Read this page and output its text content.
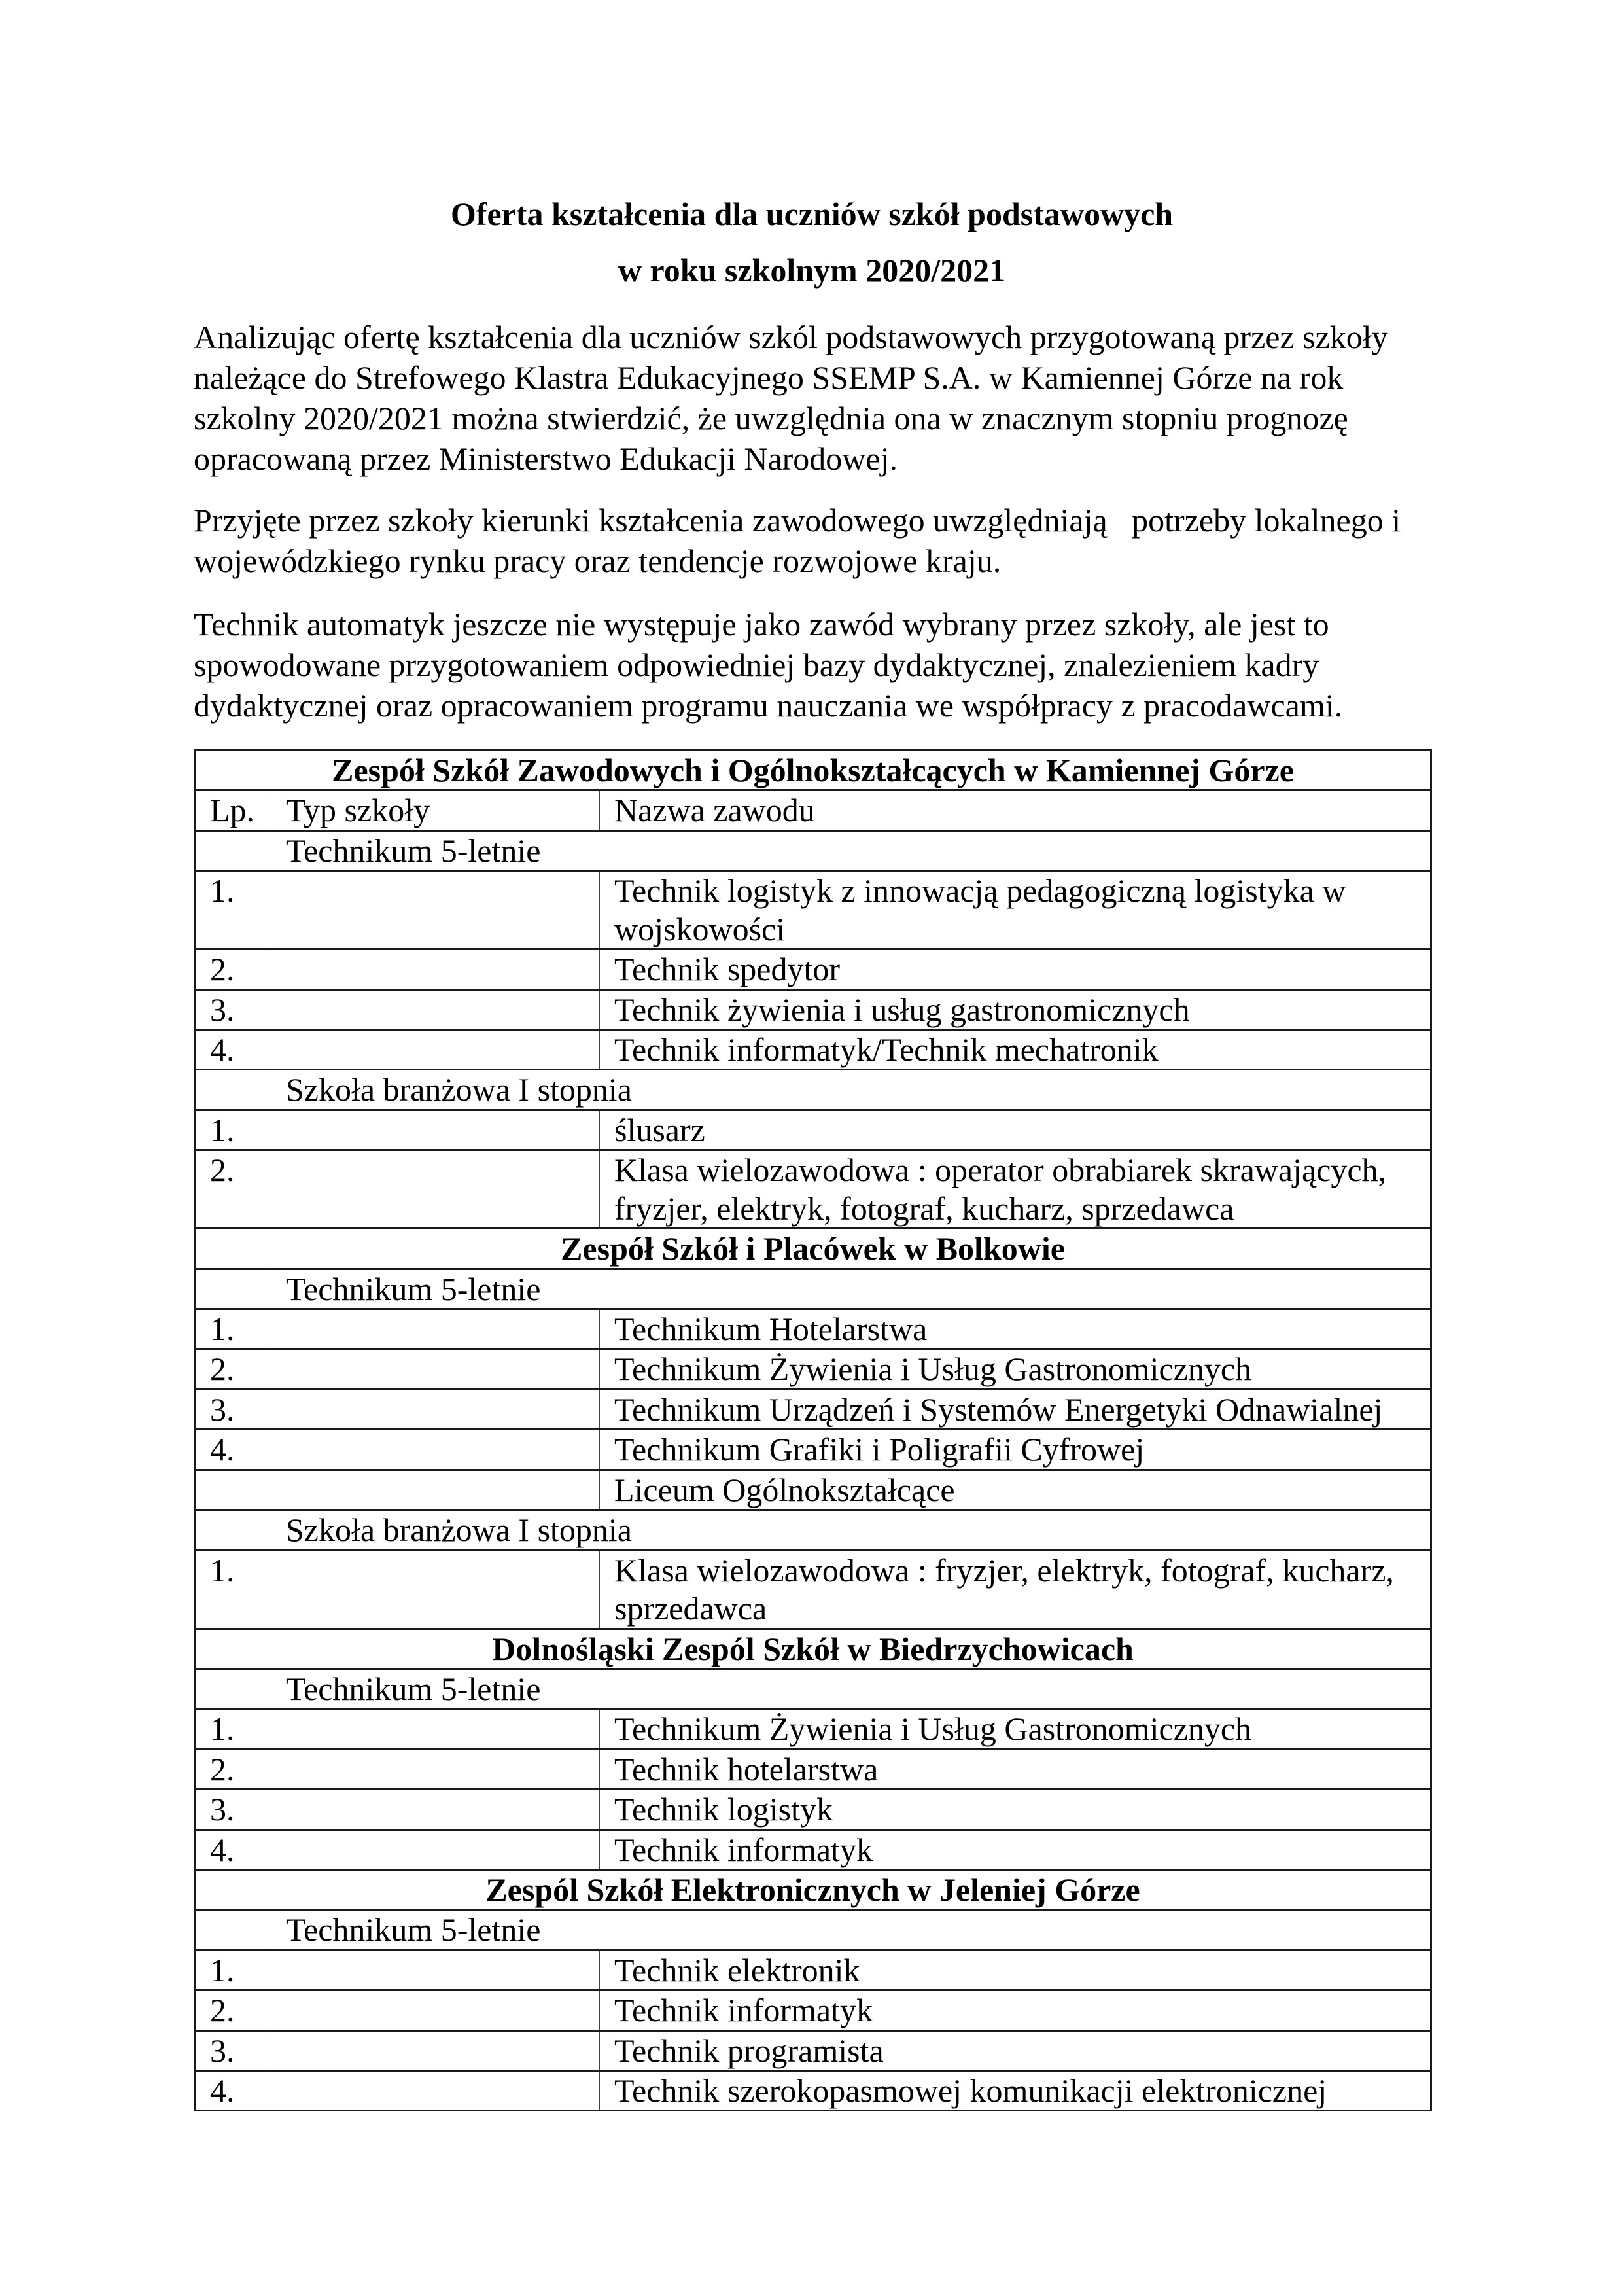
Oferta kształcenia dla uczniów szkół podstawowych
w roku szkolnym 2020/2021

Analizując ofertę kształcenia dla uczniów szkól podstawowych przygotowaną przez szkoły
należące do Strefowego Klastra Edukacyjnego SSEMP S.A. w Kamiennej Górze na rok
szkolny 2020/2021 można stwierdzić, że uwzględnia ona w znacznym stopniu prognozę
opracowaną przez Ministerstwo Edukacji Narodowej.

Przyjęte przez szkoły kierunki kształcenia zawodowego uwzględniają   potrzeby lokalnego i
wojewódzkiego rynku pracy oraz tendencje rozwojowe kraju.

Technik automatyk jeszcze nie występuje jako zawód wybrany przez szkoły, ale jest to
spowodowane przygotowaniem odpowiedniej bazy dydaktycznej, znalezieniem kadry
dydaktycznej oraz opracowaniem programu nauczania we współpracy z pracodawcami.

Zespół Szkół Zawodowych i Ogólnokształcących w Kamiennej Górze		
Lp.	Typ szkoły	Nazwa zawodu
	Technikum 5-letnie	
1.		Technik logistyk z innowacją pedagogiczną logistyka w
wojskowości

2.		Technik spedytor
3.		Technik żywienia i usług gastronomicznych
4.		Technik informatyk/Technik mechatronik
	Szkoła branżowa I stopnia	
1.		ślusarz
2.		Klasa wielozawodowa : operator obrabiarek skrawających,
fryzjer, elektryk, fotograf, kucharz, sprzedawca

Zespół Szkół i Placówek w Bolkowie		
	Technikum 5-letnie	
1.		Technikum Hotelarstwa
2.		Technikum Żywienia i Usług Gastronomicznych
3.		Technikum Urządzeń i Systemów Energetyki Odnawialnej
4.		Technikum Grafiki i Poligrafii Cyfrowej
		Liceum Ogólnokształcące
	Szkoła branżowa I stopnia	
1.		Klasa wielozawodowa : fryzjer, elektryk, fotograf, kucharz,
sprzedawca

Dolnośląski Zespól Szkół w Biedrzychowicach		
	Technikum 5-letnie	
1.		Technikum Żywienia i Usług Gastronomicznych
2.		Technik hotelarstwa
3.		Technik logistyk
4.		Technik informatyk
Zespól Szkół Elektronicznych w Jeleniej Górze		
	Technikum 5-letnie	
1.		Technik elektronik
2.		Technik informatyk
3.		Technik programista
4.		Technik szerokopasmowej komunikacji elektronicznej
